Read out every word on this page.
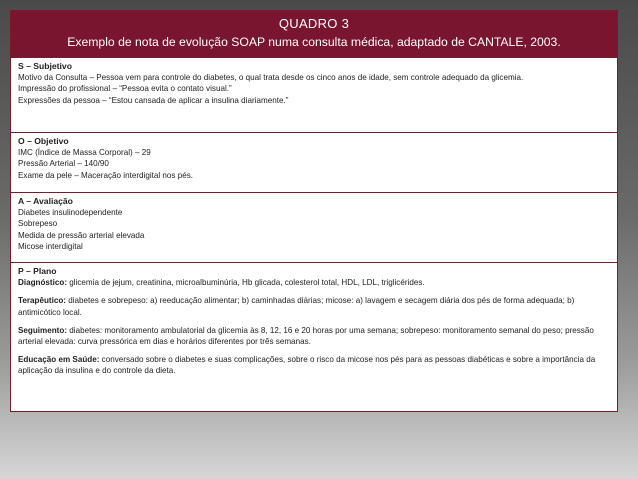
QUADRO 3
Exemplo de nota de evolução SOAP numa consulta médica, adaptado de CANTALE, 2003.
S – Subjetivo

Motivo da Consulta – Pessoa vem para controle do diabetes, o qual trata desde os cinco anos de idade, sem controle adequado da glicemia.

Impressão do profissional – “Pessoa evita o contato visual.”

Expressões da pessoa – “Estou cansada de aplicar a insulina diariamente.”

O – Objetivo

IMC (Índice de Massa Corporal) – 29

Pressão Arterial – 140/90

Exame da pele – Maceração interdigital nos pés.

A – Avaliação

Diabetes insulinodependente

Sobrepeso

Medida de pressão arterial elevada

Micose interdigital

P – Plano

Diagnóstico: glicemia de jejum, creatinina, microalbuminúria, Hb glicada, colesterol total, HDL, LDL, triglicérides.

Terapêutico: diabetes e sobrepeso: a) reeducação alimentar; b) caminhadas diárias; micose: a) lavagem e secagem diária dos pés de forma adequada; b) antimicótico local.

Seguimento: diabetes: monitoramento ambulatorial da glicemia às 8, 12, 16 e 20 horas por uma semana; sobrepeso: monitoramento semanal do peso; pressão arterial elevada: curva pressórica em dias e horários diferentes por três semanas.

Educação em Saúde: conversado sobre o diabetes e suas complicações, sobre o risco da micose nos pés para as pessoas diabéticas e sobre a importância da aplicação da insulina e do controle da dieta.
